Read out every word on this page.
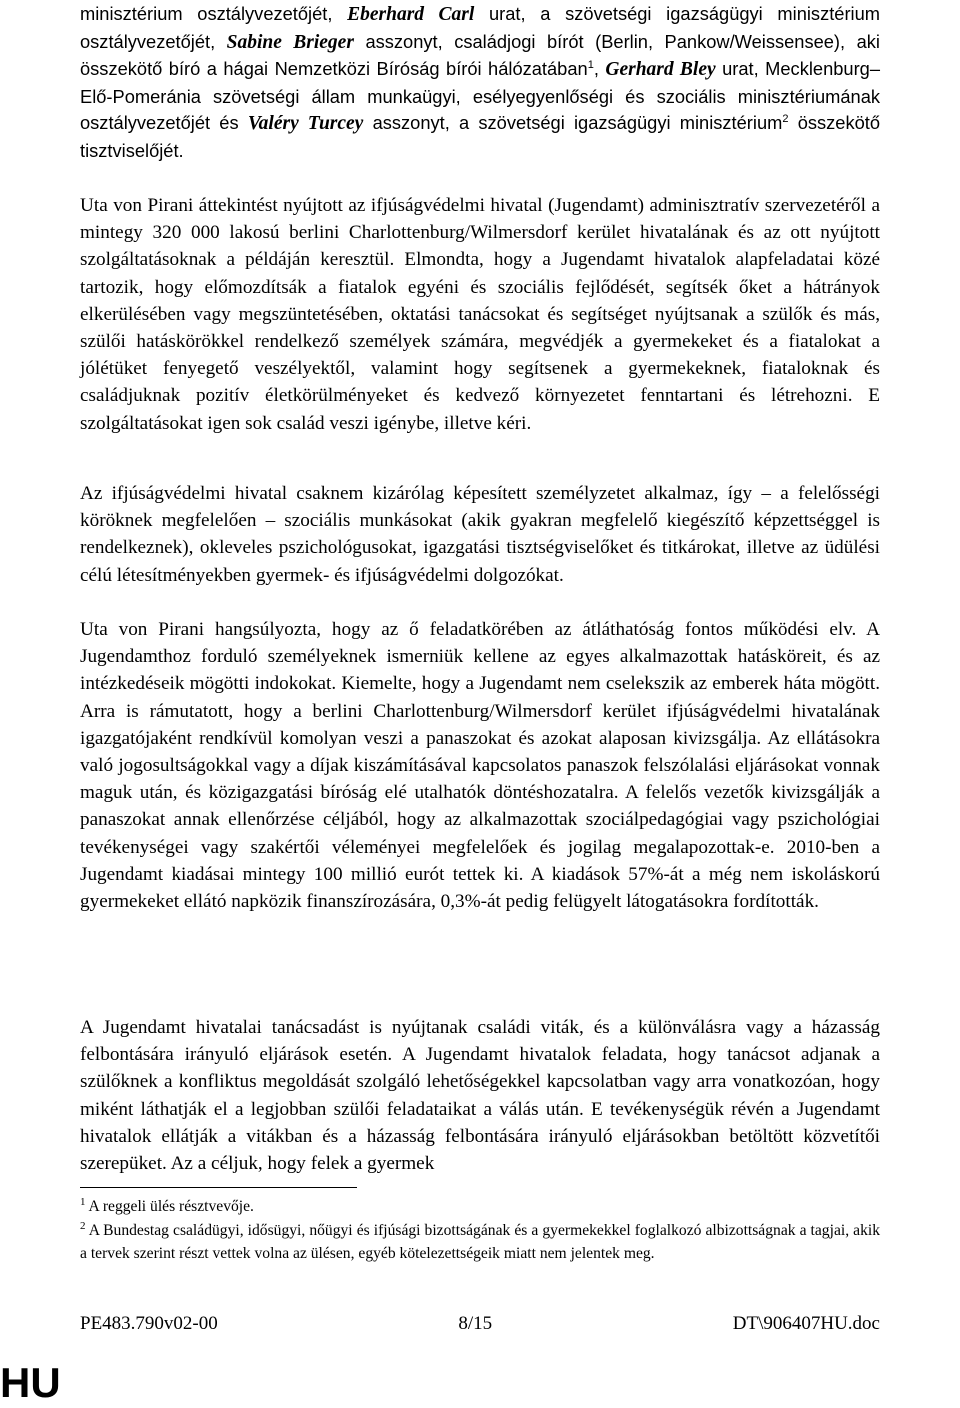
minisztérium osztályvezetőjét, Eberhard Carl urat, a szövetségi igazságügyi minisztérium osztályvezetőjét, Sabine Brieger asszonyt, családjogi bírót (Berlin, Pankow/Weissensee), aki összekötő bíró a hágai Nemzetközi Bíróság bírói hálózatában$^1$, Gerhard Bley urat, Mecklenburg–Elő-Pomeránia szövetségi állam munkaügyi, esélyegyenlőségi és szociális minisztériumának osztályvezetőjét és Valéry Turcey asszonyt, a szövetségi igazságügyi minisztérium$^2$ összekötő tisztviselőjét.

Uta von Pirani áttekintést nyújtott az ifjúságvédelmi hivatal (Jugendamt) adminisztratív szervezetéről a mintegy 320 000 lakosú berlini Charlottenburg/Wilmersdorf kerület hivatalának és az ott nyújtott szolgáltatásoknak a példáján keresztül. Elmondta, hogy a Jugendamt hivatalok alapfeladatai közé tartozik, hogy előmozdítsák a fiatalok egyéni és szociális fejlődését, segítsék őket a hátrányok elkerülésében vagy megszüntetésében, oktatási tanácsokat és segítséget nyújtsanak a szülők és más, szülői hatáskörökkel rendelkező személyek számára, megvédjék a gyermekeket és a fiatalokat a jólétüket fenyegető veszélyektől, valamint hogy segítsenek a gyermekeknek, fiataloknak és családjuknak pozitív életkörülményeket és kedvező környezetet fenntartani és létrehozni. E szolgáltatásokat igen sok család veszi igénybe, illetve kéri.

Az ifjúságvédelmi hivatal csaknem kizárólag képesített személyzetet alkalmaz, így – a felelősségi köröknek megfelelően – szociális munkásokat (akik gyakran megfelelő kiegészítő képzettséggel is rendelkeznek), okleveles pszichológusokat, igazgatási tisztségviselőket és titkárokat, illetve az üdülési célú létesítményekben gyermek- és ifjúságvédelmi dolgozókat.

Uta von Pirani hangsúlyozta, hogy az ő feladatkörében az átláthatóság fontos működési elv. A Jugendamthoz forduló személyeknek ismerniük kellene az egyes alkalmazottak hatásköreit, és az intézkedéseik mögötti indokokat. Kiemelte, hogy a Jugendamt nem cselekszik az emberek háta mögött. Arra is rámutatott, hogy a berlini Charlottenburg/Wilmersdorf kerület ifjúságvédelmi hivatalának igazgatójaként rendkívül komolyan veszi a panaszokat és azokat alaposan kivizsgálja. Az ellátásokra való jogosultságokkal vagy a díjak kiszámításával kapcsolatos panaszok felszólalási eljárásokat vonnak maguk után, és közigazgatási bíróság elé utalhatók döntéshozatalra. A felelős vezetők kivizsgálják a panaszokat annak ellenőrzése céljából, hogy az alkalmazottak szociálpedagógiai vagy pszichológiai tevékenységei vagy szakértői véleményei megfelelőek és jogilag megalapozottak-e. 2010-ben a Jugendamt kiadásai mintegy 100 millió eurót tettek ki. A kiadások 57%-át a még nem iskoláskorú gyermekeket ellátó napközik finanszírozására, 0,3%-át pedig felügyelt látogatásokra fordították.

A Jugendamt hivatalai tanácsadást is nyújtanak családi viták, és a különválásra vagy a házasság felbontására irányuló eljárások esetén. A Jugendamt hivatalok feladata, hogy tanácsot adjanak a szülőknek a konfliktus megoldását szolgáló lehetőségekkel kapcsolatban vagy arra vonatkozóan, hogy miként láthatják el a legjobban szülői feladataikat a válás után. E tevékenységük révén a Jugendamt hivatalok ellátják a vitákban és a házasság felbontására irányuló eljárásokban betöltött közvetítői szerepüket. Az a céljuk, hogy felek a gyermek

$^1$ A reggeli ülés résztvevője.
$^2$ A Bundestag családügyi, idősügyi, nőügyi és ifjúsági bizottságának és a gyermekekkel foglalkozó albizottságnak a tagjai, akik a tervek szerint részt vettek volna az ülésen, egyéb kötelezettségeik miatt nem jelentek meg.
PE483.790v02-00	8/15	DT\906407HU.doc
HU
